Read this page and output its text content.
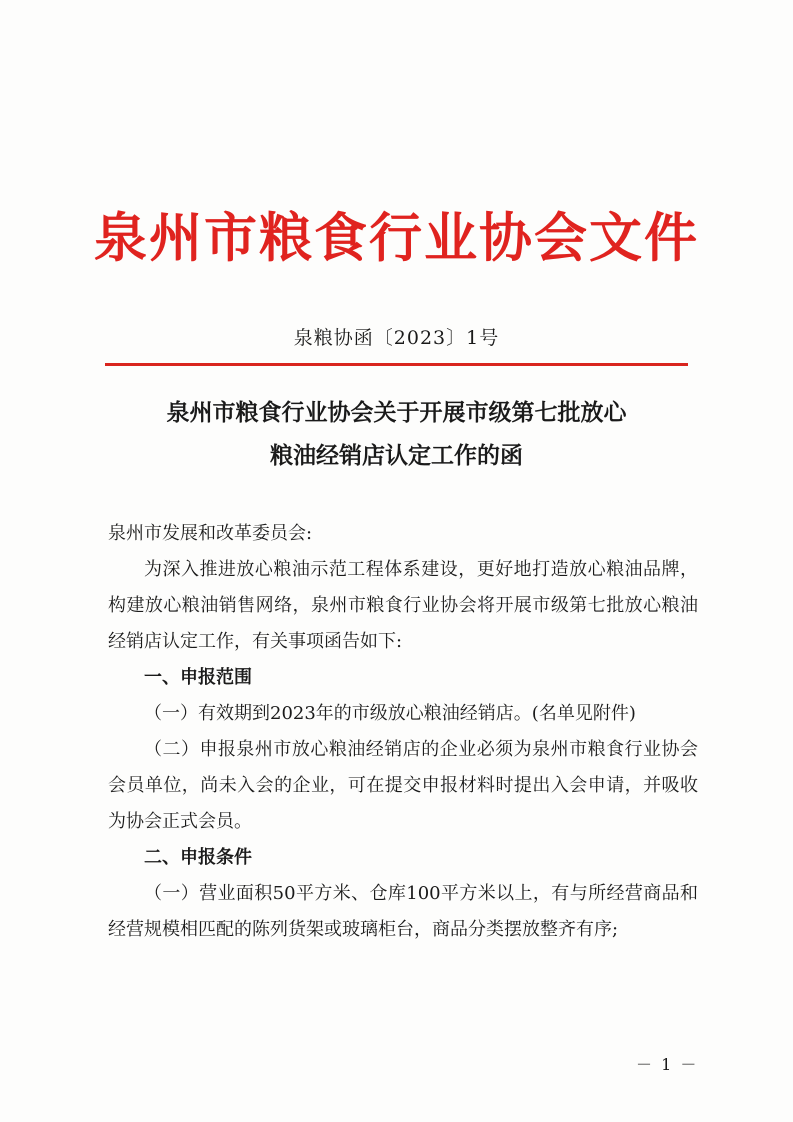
泉州市粮食行业协会文件
泉粮协函〔2023〕1号
泉州市粮食行业协会关于开展市级第七批放心
粮油经销店认定工作的函

泉州市发展和改革委员会:

为深入推进放心粮油示范工程体系建设，更好地打造放心粮油品牌，构建放心粮油销售网络，泉州市粮食行业协会将开展市级第七批放心粮油经销店认定工作，有关事项函告如下:

一、申报范围

（一）有效期到2023年的市级放心粮油经销店。(名单见附件)

（二）申报泉州市放心粮油经销店的企业必须为泉州市粮食行业协会会员单位，尚未入会的企业，可在提交申报材料时提出入会申请，并吸收为协会正式会员。

二、申报条件

（一）营业面积50平方米、仓库100平方米以上，有与所经营商品和经营规模相匹配的陈列货架或玻璃柜台，商品分类摆放整齐有序;

－ 1 －
